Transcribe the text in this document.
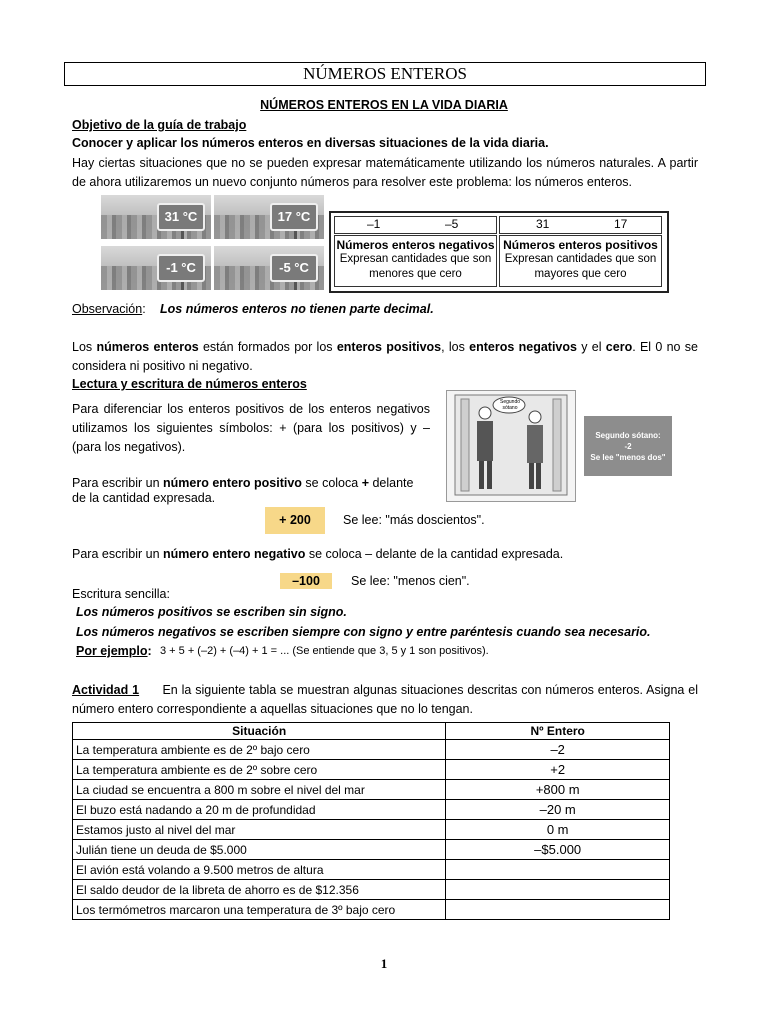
NÚMEROS ENTEROS
NÚMEROS ENTEROS EN LA VIDA DIARIA
Objetivo de la guía de trabajo
Conocer y aplicar los números enteros en diversas situaciones de la vida diaria.
Hay ciertas situaciones que no se pueden expresar matemáticamente utilizando los números naturales. A partir de ahora utilizaremos un nuevo conjunto números para resolver este problema: los números enteros.
31 °C	17 °C
-1 °C	-5 °C
–1	–5	31	17
Números enteros negativos
Expresan cantidades que son menores que cero
Números enteros positivos
Expresan cantidades que son mayores que cero
Observación: Los números enteros no tienen parte decimal.
Los números enteros están formados por los enteros positivos, los enteros negativos y el cero. El 0 no se considera ni positivo ni negativo.
Lectura y escritura de números enteros
Para diferenciar los enteros positivos de los enteros negativos utilizamos los siguientes símbolos: + (para los positivos) y – (para los negativos).
Segundo sótano
Segundo sótano:
-2
Se lee "menos dos"
Para escribir un número entero positivo se coloca + delante de la cantidad expresada.
+ 200	Se lee: "más doscientos".
Para escribir un número entero negativo se coloca – delante de la cantidad expresada.
–100	Se lee: "menos cien".
Escritura sencilla:
Los números positivos se escriben sin signo.
Los números negativos se escriben siempre con signo y entre paréntesis cuando sea necesario.
Por ejemplo: 3 + 5 + (–2) + (–4) + 1 = ... (Se entiende que 3, 5 y 1 son positivos).
Actividad 1 En la siguiente tabla se muestran algunas situaciones descritas con números enteros. Asigna el número entero correspondiente a aquellas situaciones que no lo tengan.
Situación	Nº Entero
La temperatura ambiente es de 2º bajo cero	–2
La temperatura ambiente es de 2º sobre cero	+2
La ciudad se encuentra a 800 m sobre el nivel del mar	+800 m
El buzo está nadando a 20 m de profundidad	–20 m
Estamos justo al nivel del mar	0 m
Julián tiene un deuda de $5.000	–$5.000
El avión está volando a 9.500 metros de altura	
El saldo deudor de la libreta de ahorro es de $12.356	
Los termómetros marcaron una temperatura de 3º bajo cero	
1
